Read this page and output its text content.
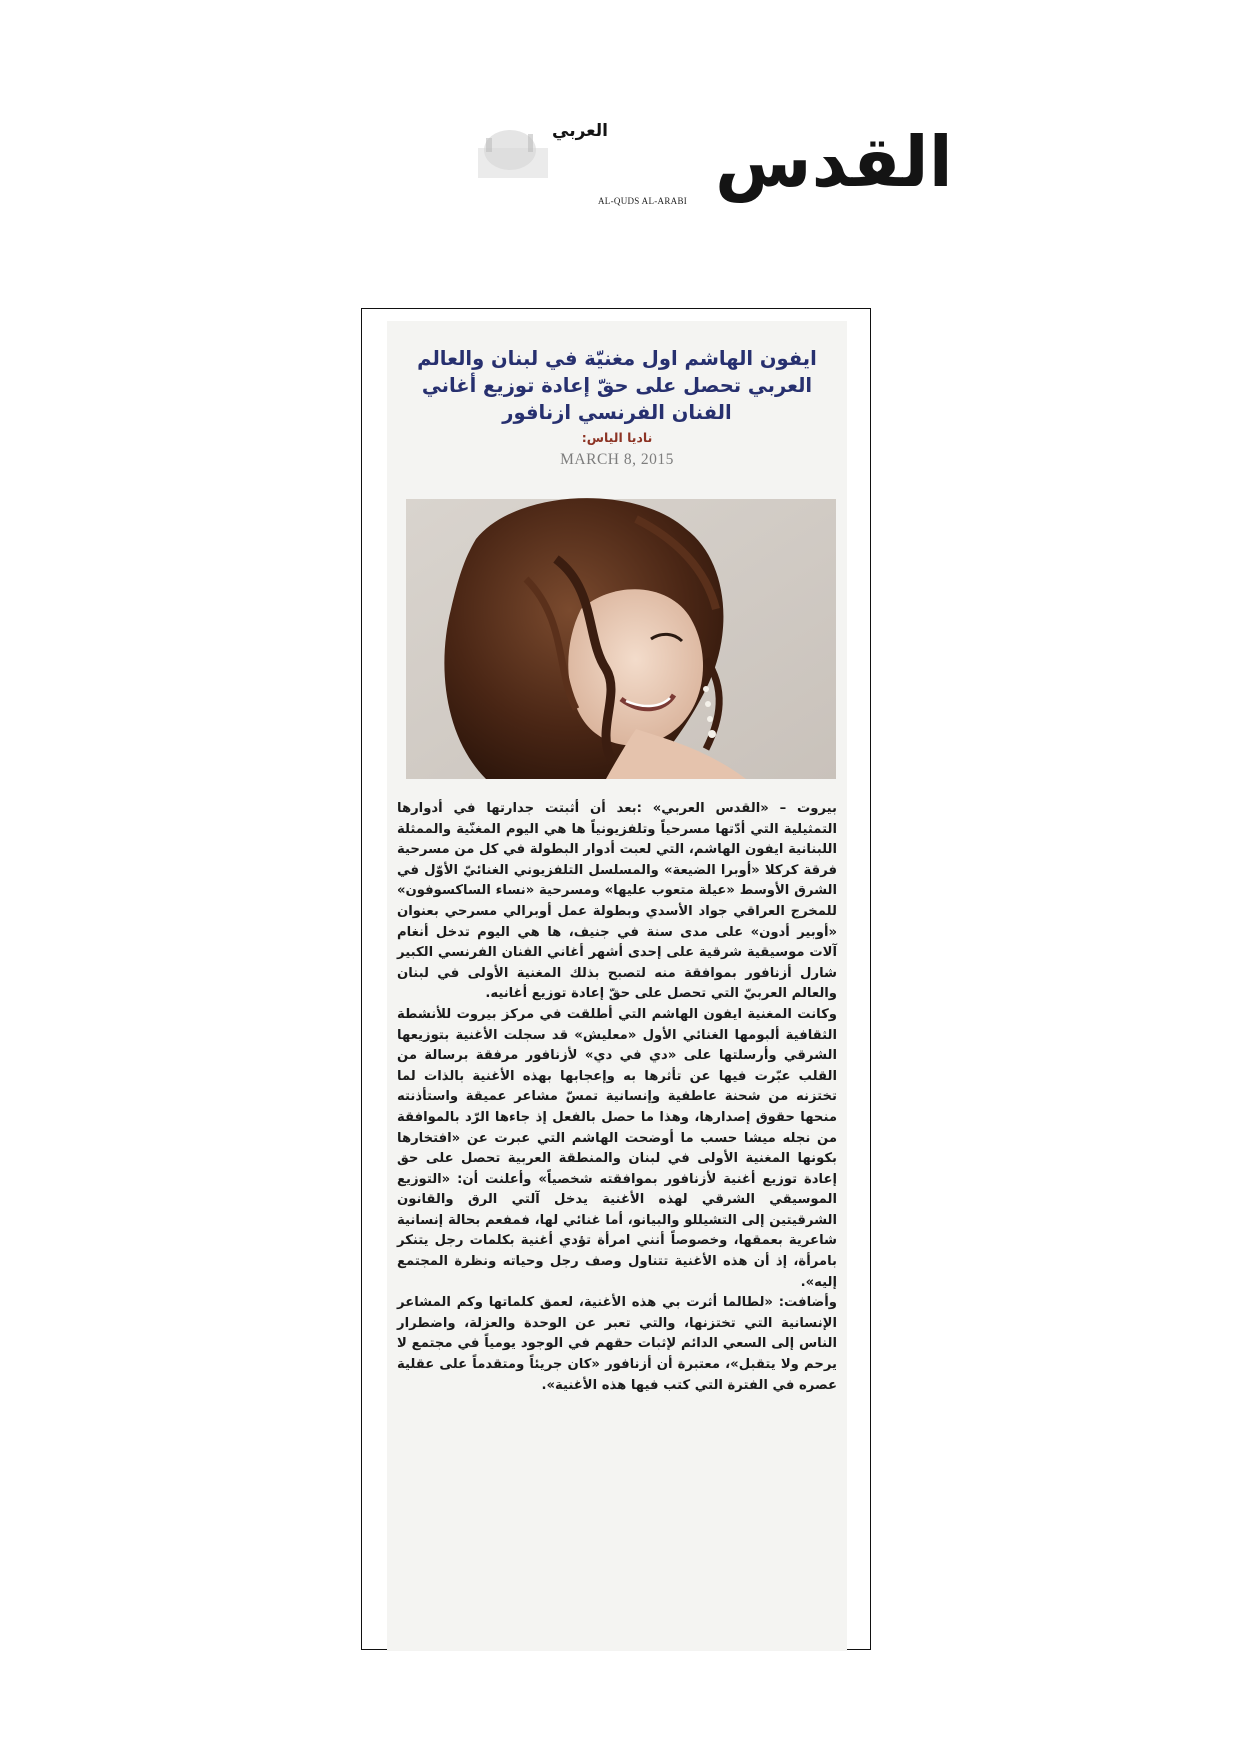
القدس
العربي
AL-QUDS AL-ARABI
ايفون الهاشم اول مغنيّة في لبنان والعالم العربي تحصل على حقّ إعادة توزيع أغاني الفنان الفرنسي ازنافور
ناديا الياس:
MARCH 8, 2015

بيروت – «القدس العربي» :بعد أن أثبتت جدارتها في أدوارها التمثيلية التي أدّتها مسرحياً وتلفزيونياً ها هي اليوم المغنّية والممثلة اللبنانية ايفون الهاشم، التي لعبت أدوار البطولة في كل من مسرحية فرقة كركلا «أوبرا الضيعة» والمسلسل التلفزيوني الغنائيّ الأوّل في الشرق الأوسط «عيلة متعوب عليها» ومسرحية «نساء الساكسوفون» للمخرج العراقي جواد الأسدي وبطولة عمل أوبرالي مسرحي بعنوان «أوبير أدون» على مدى سنة في جنيف، ها هي اليوم تدخل أنغام آلات موسيقية شرقية على إحدى أشهر أغاني الفنان الفرنسي الكبير شارل أزنافور بموافقة منه لتصبح بذلك المغنية الأولى في لبنان والعالم العربيّ التي تحصل على حقّ إعادة توزيع أغانيه.

وكانت المغنية ايفون الهاشم التي أطلقت في مركز بيروت للأنشطة الثقافية ألبومها الغنائي الأول «معليش» قد سجلت الأغنية بتوزيعها الشرقي وأرسلتها على «دي في دي» لأزنافور مرفقة برسالة من القلب عبّرت فيها عن تأثرها به وإعجابها بهذه الأغنية بالذات لما تختزنه من شحنة عاطفية وإنسانية تمسّ مشاعر عميقة واستأذنته منحها حقوق إصدارها، وهذا ما حصل بالفعل إذ جاءها الرّد بالموافقة من نجله ميشا حسب ما أوضحت الهاشم التي عبرت عن «افتخارها بكونها المغنية الأولى في لبنان والمنطقة العربية تحصل على حق إعادة توزيع أغنية لأزنافور بموافقته شخصياً» وأعلنت أن: «التوزيع الموسيقي الشرقي لهذه الأغنية يدخل آلتي الرق والقانون الشرقيتين إلى التشيللو والبيانو، أما غنائي لها، فمفعم بحالة إنسانية شاعرية بعمقها، وخصوصاً أنني امرأة تؤدي أغنية بكلمات رجل يتنكر بامرأة، إذ أن هذه الأغنية تتناول وصف رجل وحياته ونظرة المجتمع إليه».

وأضافت: «لطالما أثرت بي هذه الأغنية، لعمق كلماتها وكم المشاعر الإنسانية التي تختزنها، والتي تعبر عن الوحدة والعزلة، واضطرار الناس إلى السعي الدائم لإثبات حقهم في الوجود يومياً في مجتمع لا يرحم ولا يتقبل»، معتبرة أن أزنافور «كان جريئاً ومتقدماً على عقلية عصره في الفترة التي كتب فيها هذه الأغنية».
